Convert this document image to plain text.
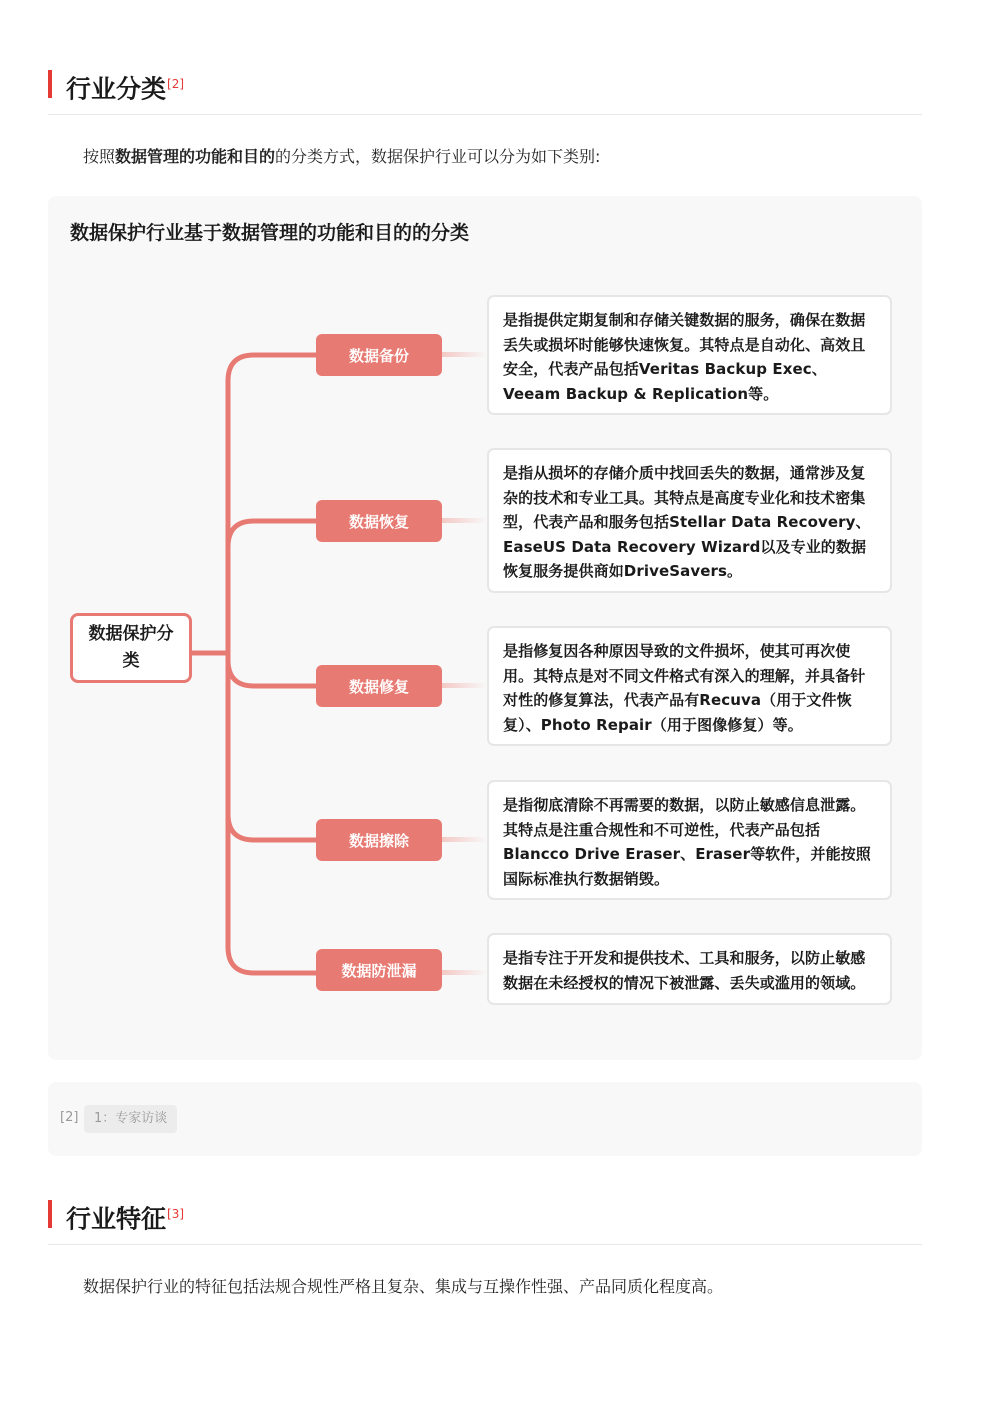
行业分类[2]
按照数据管理的功能和目的的分类方式，数据保护行业可以分为如下类别:
数据保护行业基于数据管理的功能和目的的分类
数据保护分类
数据备份
数据恢复
数据修复
数据擦除
数据防泄漏
是指提供定期复制和存储关键数据的服务，确保在数据丢失或损坏时能够快速恢复。其特点是自动化、高效且安全，代表产品包括Veritas Backup Exec、Veeam Backup & Replication等。
是指从损坏的存储介质中找回丢失的数据，通常涉及复杂的技术和专业工具。其特点是高度专业化和技术密集型，代表产品和服务包括Stellar Data Recovery、EaseUS Data Recovery Wizard以及专业的数据恢复服务提供商如DriveSavers。
是指修复因各种原因导致的文件损坏，使其可再次使用。其特点是对不同文件格式有深入的理解，并具备针对性的修复算法，代表产品有Recuva（用于文件恢复）、Photo Repair（用于图像修复）等。
是指彻底清除不再需要的数据，以防止敏感信息泄露。其特点是注重合规性和不可逆性，代表产品包括Blancco Drive Eraser、Eraser等软件，并能按照国际标准执行数据销毁。
是指专注于开发和提供技术、工具和服务，以防止敏感数据在未经授权的情况下被泄露、丢失或滥用的领域。
[2]	1：专家访谈
行业特征[3]
数据保护行业的特征包括法规合规性严格且复杂、集成与互操作性强、产品同质化程度高。
